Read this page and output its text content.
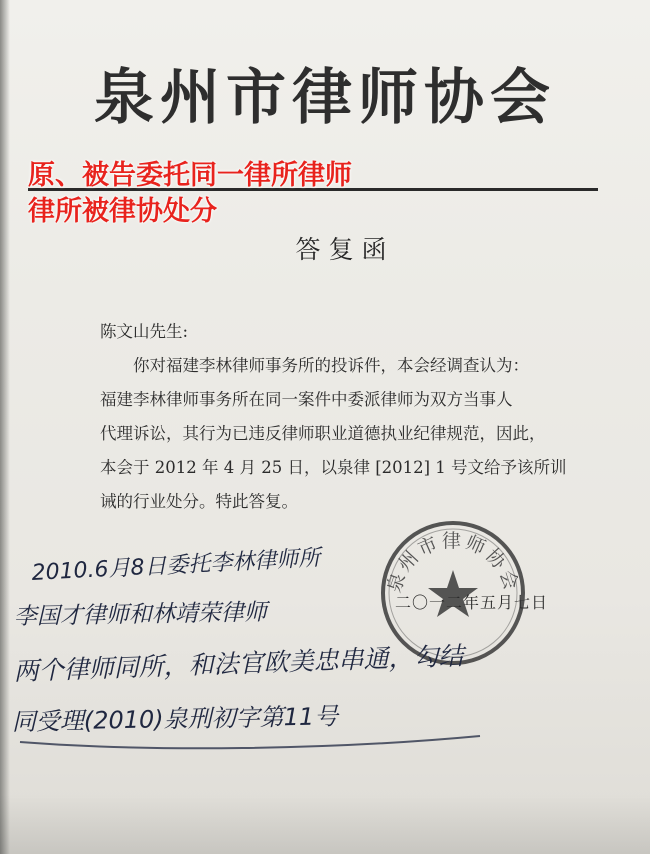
泉州市律师协会
原、被告委托同一律所律师
律所被律协处分
答复函

陈文山先生:

你对福建李林律师事务所的投诉件，本会经调查认为：

福建李林律师事务所在同一案件中委派律师为双方当事人

代理诉讼，其行为已违反律师职业道德执业纪律规范，因此，

本会于 2012 年 4 月 25 日，以泉律 [2012] 1 号文给予该所训

诫的行业处分。特此答复。

泉州市律师协会
二〇一二年五月七日
2010.6月8日委托李林律师所
李国才律师和林靖荣律师
两个律师同所，和法官欧美忠串通，勾结
同受理(2010)泉刑初字第11号
